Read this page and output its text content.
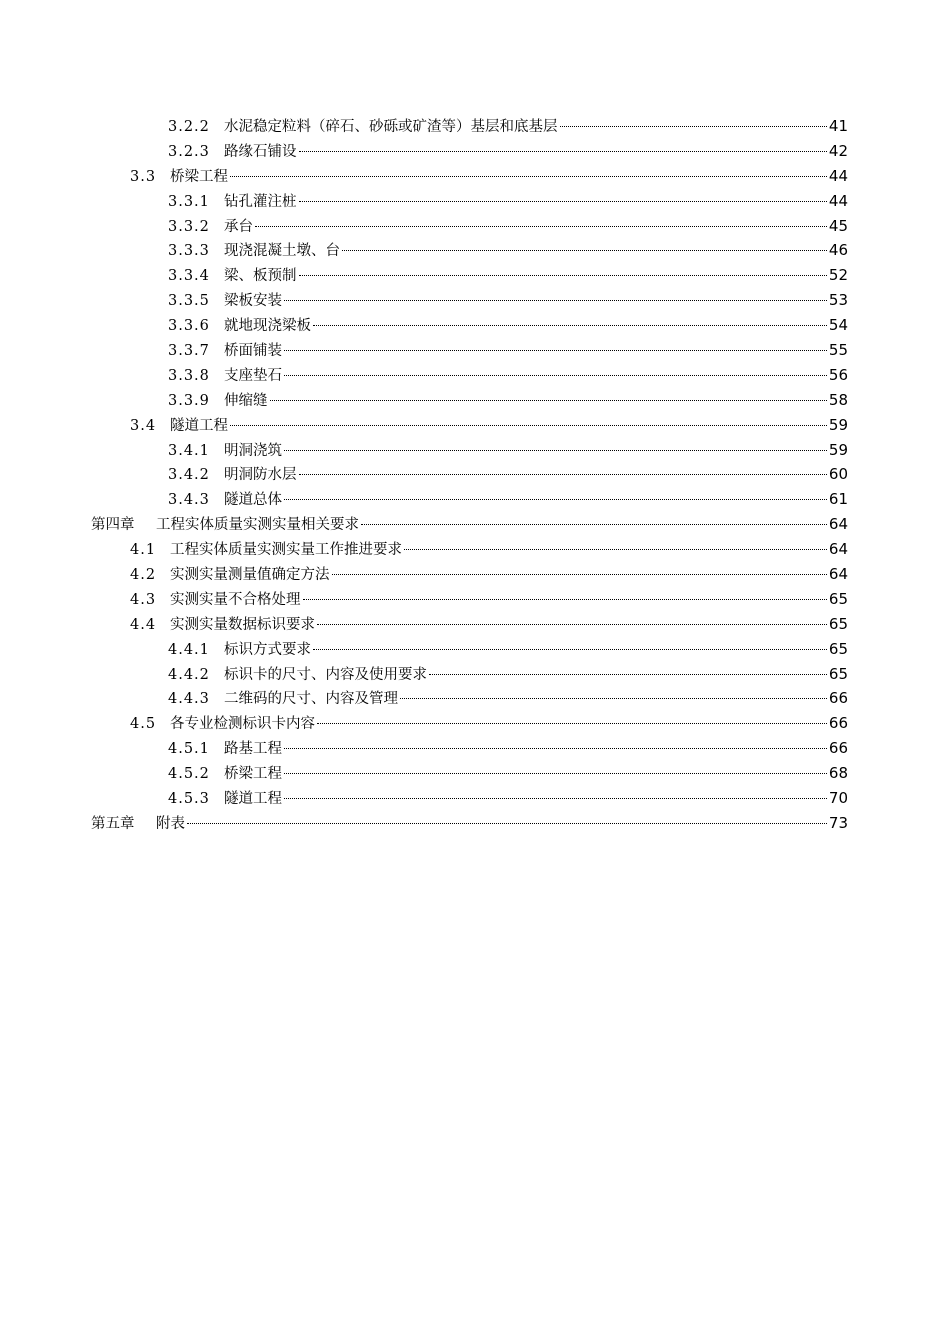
3.2.2 水泥稳定粒料（碎石、砂砾或矿渣等）基层和底基层	41
3.2.3 路缘石铺设	42
3.3 桥梁工程	44
3.3.1 钻孔灌注桩	44
3.3.2 承台	45
3.3.3 现浇混凝土墩、台	46
3.3.4 梁、板预制	52
3.3.5 梁板安装	53
3.3.6 就地现浇梁板	54
3.3.7 桥面铺装	55
3.3.8 支座垫石	56
3.3.9 伸缩缝	58
3.4 隧道工程	59
3.4.1 明洞浇筑	59
3.4.2 明洞防水层	60
3.4.3 隧道总体	61
第四章	工程实体质量实测实量相关要求	64
4.1 工程实体质量实测实量工作推进要求	64
4.2 实测实量测量值确定方法	64
4.3 实测实量不合格处理	65
4.4 实测实量数据标识要求	65
4.4.1 标识方式要求	65
4.4.2 标识卡的尺寸、内容及使用要求	65
4.4.3 二维码的尺寸、内容及管理	66
4.5 各专业检测标识卡内容	66
4.5.1 路基工程	66
4.5.2 桥梁工程	68
4.5.3 隧道工程	70
第五章	附表	73
